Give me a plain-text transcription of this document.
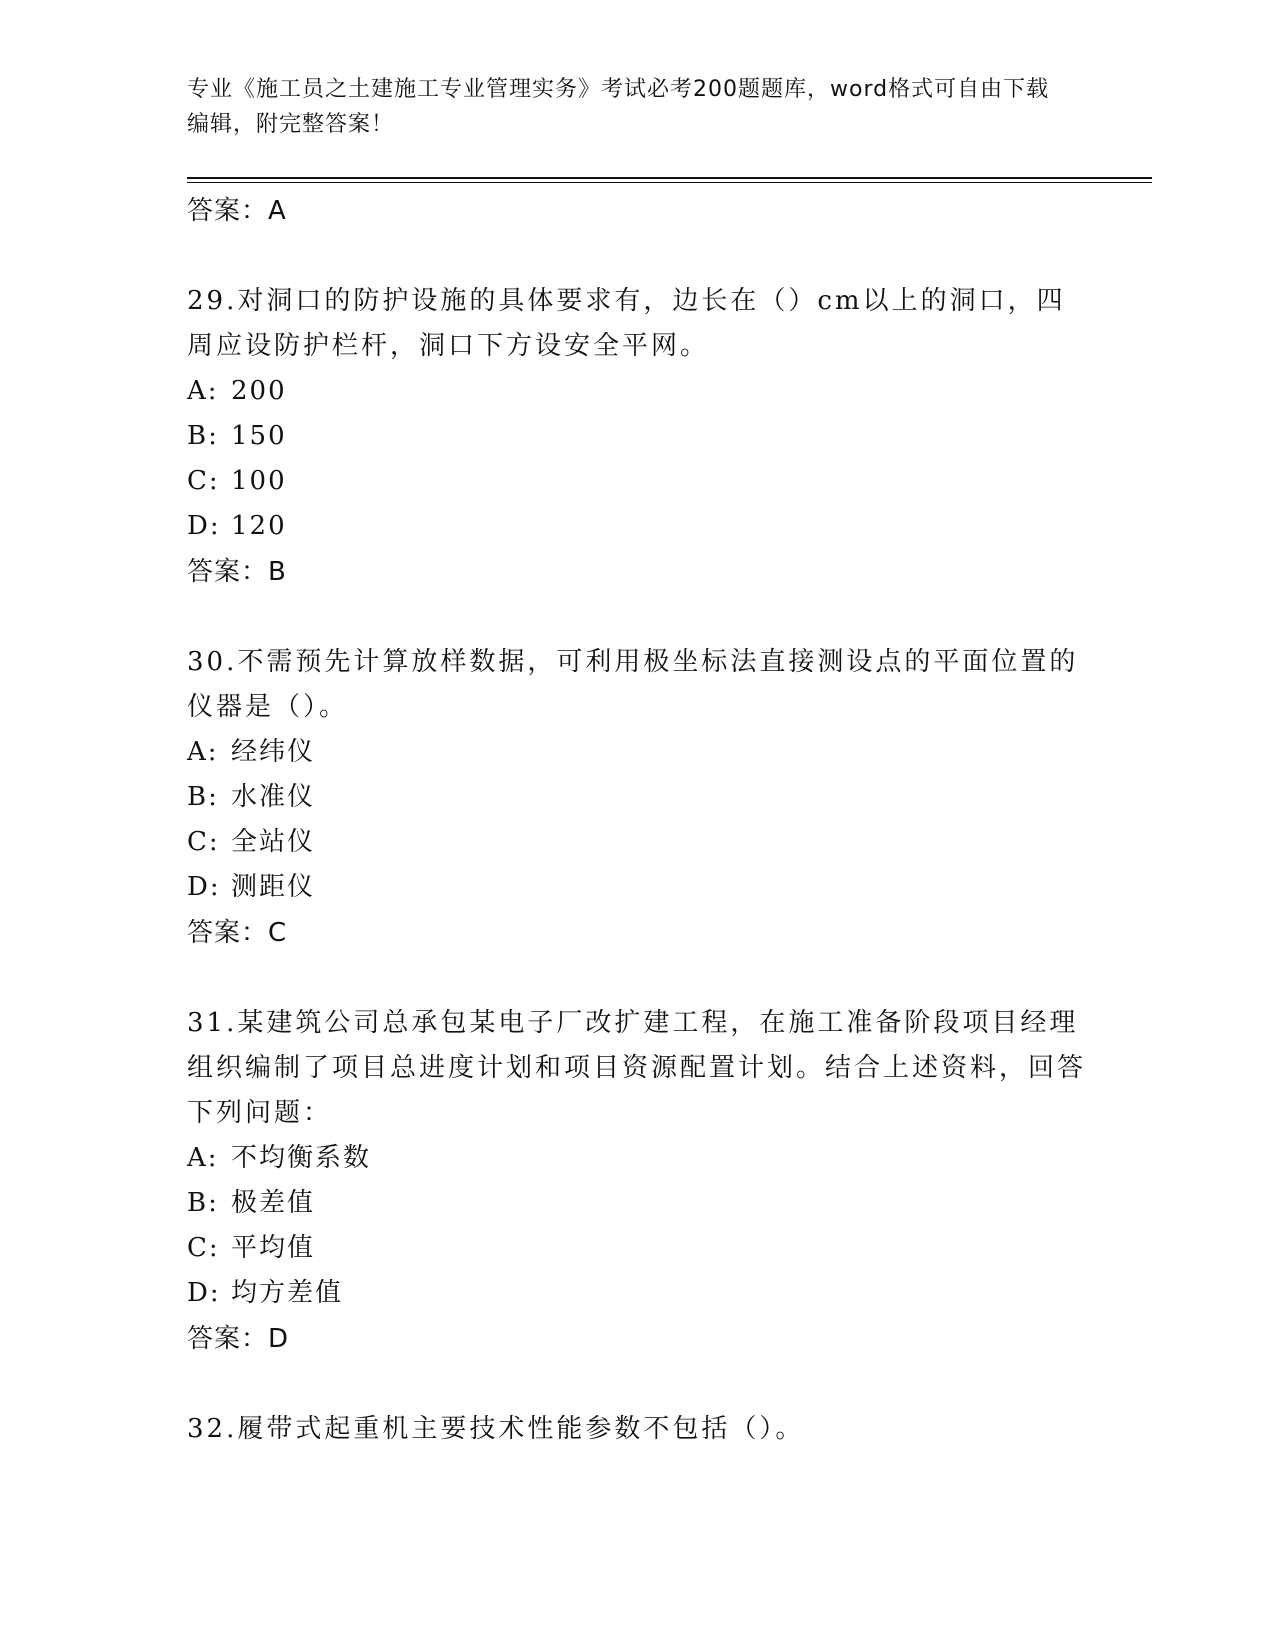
专业《施工员之土建施工专业管理实务》考试必考200题题库，word格式可自由下载编辑，附完整答案！
答案：A
29.对洞口的防护设施的具体要求有，边长在（）cm以上的洞口，四周应设防护栏杆，洞口下方设安全平网。
A: 200
B: 150
C: 100
D: 120
答案：B
30.不需预先计算放样数据，可利用极坐标法直接测设点的平面位置的仪器是（）。
A: 经纬仪
B: 水准仪
C: 全站仪
D: 测距仪
答案：C
31.某建筑公司总承包某电子厂改扩建工程，在施工准备阶段项目经理组织编制了项目总进度计划和项目资源配置计划。结合上述资料，回答下列问题：
A: 不均衡系数
B: 极差值
C: 平均值
D: 均方差值
答案：D
32.履带式起重机主要技术性能参数不包括（）。
